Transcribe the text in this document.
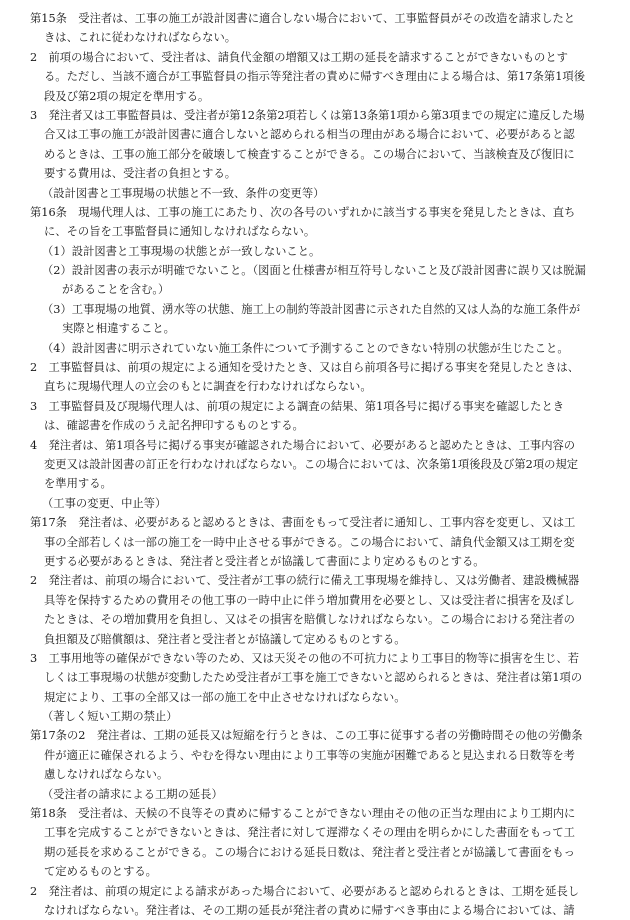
第15条　受注者は、工事の施工が設計図書に適合しない場合において、工事監督員がその改造を請求したと
きは、これに従わなければならない。
2　前項の場合において、受注者は、請負代金額の増額又は工期の延長を請求することができないものとす
る。ただし、当該不適合が工事監督員の指示等発注者の責めに帰すべき理由による場合は、第17条第1項後
段及び第2項の規定を準用する。
3　発注者又は工事監督員は、受注者が第12条第2項若しくは第13条第1項から第3項までの規定に違反した場
合又は工事の施工が設計図書に適合しないと認められる相当の理由がある場合において、必要があると認
めるときは、工事の施工部分を破壊して検査することができる。この場合において、当該検査及び復旧に
要する費用は、受注者の負担とする。
（設計図書と工事現場の状態と不一致、条件の変更等）
第16条　現場代理人は、工事の施工にあたり、次の各号のいずれかに該当する事実を発見したときは、直ち
に、その旨を工事監督員に通知しなければならない。
（1）設計図書と工事現場の状態とが一致しないこと。
（2）設計図書の表示が明確でないこと。（図面と仕様書が相互符号しないこと及び設計図書に誤り又は脱漏
があることを含む。）
（3）工事現場の地質、湧水等の状態、施工上の制約等設計図書に示された自然的又は人為的な施工条件が
実際と相違すること。
（4）設計図書に明示されていない施工条件について予測することのできない特別の状態が生じたこと。
2　工事監督員は、前項の規定による通知を受けたとき、又は自ら前項各号に掲げる事実を発見したときは、
直ちに現場代理人の立会のもとに調査を行わなければならない。
3　工事監督員及び現場代理人は、前項の規定による調査の結果、第1項各号に掲げる事実を確認したとき
は、確認書を作成のうえ記名押印するものとする。
4　発注者は、第1項各号に掲げる事実が確認された場合において、必要があると認めたときは、工事内容の
変更又は設計図書の訂正を行わなければならない。この場合においては、次条第1項後段及び第2項の規定
を準用する。
（工事の変更、中止等）
第17条　発注者は、必要があると認めるときは、書面をもって受注者に通知し、工事内容を変更し、又は工
事の全部若しくは一部の施工を一時中止させる事ができる。この場合において、請負代金額又は工期を変
更する必要があるときは、発注者と受注者とが協議して書面により定めるものとする。
2　発注者は、前項の場合において、受注者が工事の続行に備え工事現場を維持し、又は労働者、建設機械器
具等を保持するための費用その他工事の一時中止に伴う増加費用を必要とし、又は受注者に損害を及ぼし
たときは、その増加費用を負担し、又はその損害を賠償しなければならない。この場合における発注者の
負担額及び賠償額は、発注者と受注者とが協議して定めるものとする。
3　工事用地等の確保ができない等のため、又は天災その他の不可抗力により工事目的物等に損害を生じ、若
しくは工事現場の状態が変動したため受注者が工事を施工できないと認められるときは、発注者は第1項の
規定により、工事の全部又は一部の施工を中止させなければならない。
（著しく短い工期の禁止）
第17条の2　発注者は、工期の延長又は短縮を行うときは、この工事に従事する者の労働時間その他の労働条
件が適正に確保されるよう、やむを得ない理由により工事等の実施が困難であると見込まれる日数等を考
慮しなければならない。
（受注者の請求による工期の延長）
第18条　受注者は、天候の不良等その責めに帰することができない理由その他の正当な理由により工期内に
工事を完成することができないときは、発注者に対して遅滞なくその理由を明らかにした書面をもって工
期の延長を求めることができる。この場合における延長日数は、発注者と受注者とが協議して書面をもっ
て定めるものとする。
2　発注者は、前項の規定による請求があった場合において、必要があると認められるときは、工期を延長し
なければならない。発注者は、その工期の延長が発注者の責めに帰すべき事由による場合においては、請
